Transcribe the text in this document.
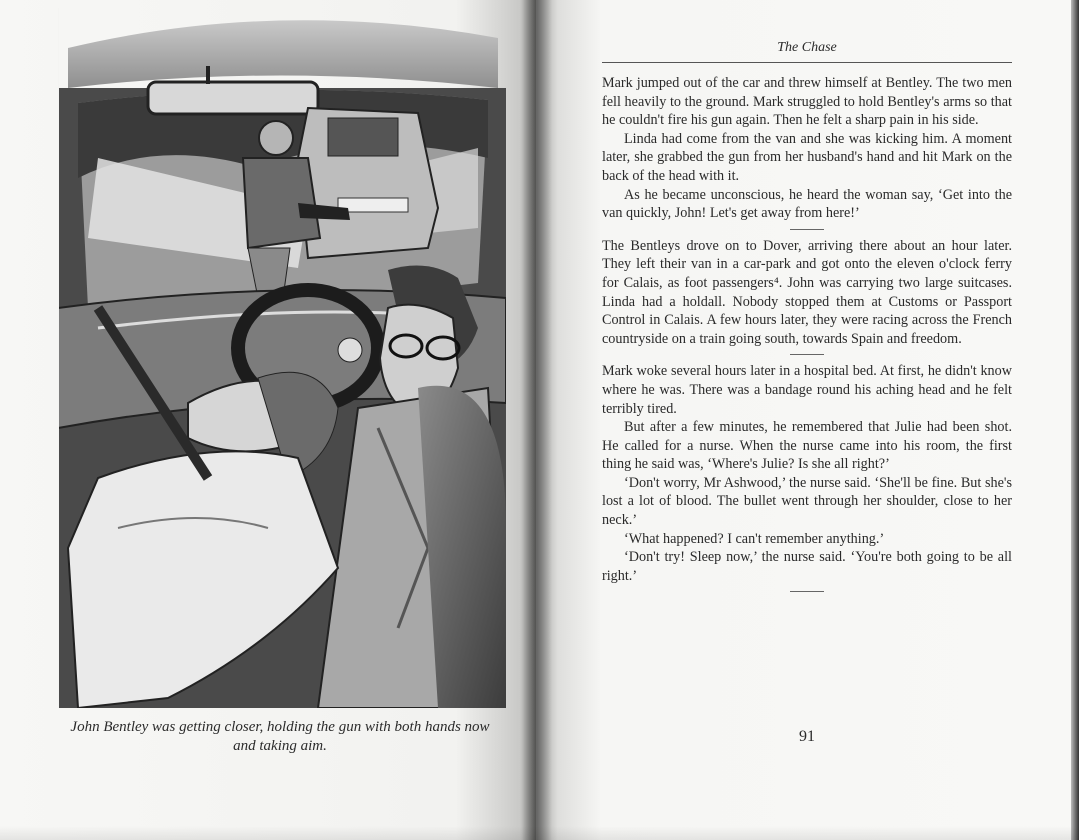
John Bentley was getting closer, holding the gun with both hands now and taking aim.
The Chase

Mark jumped out of the car and threw himself at Bentley. The two men fell heavily to the ground. Mark struggled to hold Bentley's arms so that he couldn't fire his gun again. Then he felt a sharp pain in his side.

Linda had come from the van and she was kicking him. A moment later, she grabbed the gun from her husband's hand and hit Mark on the back of the head with it.

As he became unconscious, he heard the woman say, ‘Get into the van quickly, John! Let's get away from here!’

The Bentleys drove on to Dover, arriving there about an hour later. They left their van in a car-park and got onto the eleven o'clock ferry for Calais, as foot passengers⁴. John was carrying two large suitcases. Linda had a holdall. Nobody stopped them at Customs or Passport Control in Calais. A few hours later, they were racing across the French countryside on a train going south, towards Spain and freedom.

Mark woke several hours later in a hospital bed. At first, he didn't know where he was. There was a bandage round his aching head and he felt terribly tired.

But after a few minutes, he remembered that Julie had been shot. He called for a nurse. When the nurse came into his room, the first thing he said was, ‘Where's Julie? Is she all right?’

‘Don't worry, Mr Ashwood,’ the nurse said. ‘She'll be fine. But she's lost a lot of blood. The bullet went through her shoulder, close to her neck.’

‘What happened? I can't remember anything.’

‘Don't try! Sleep now,’ the nurse said. ‘You're both going to be all right.’

91
